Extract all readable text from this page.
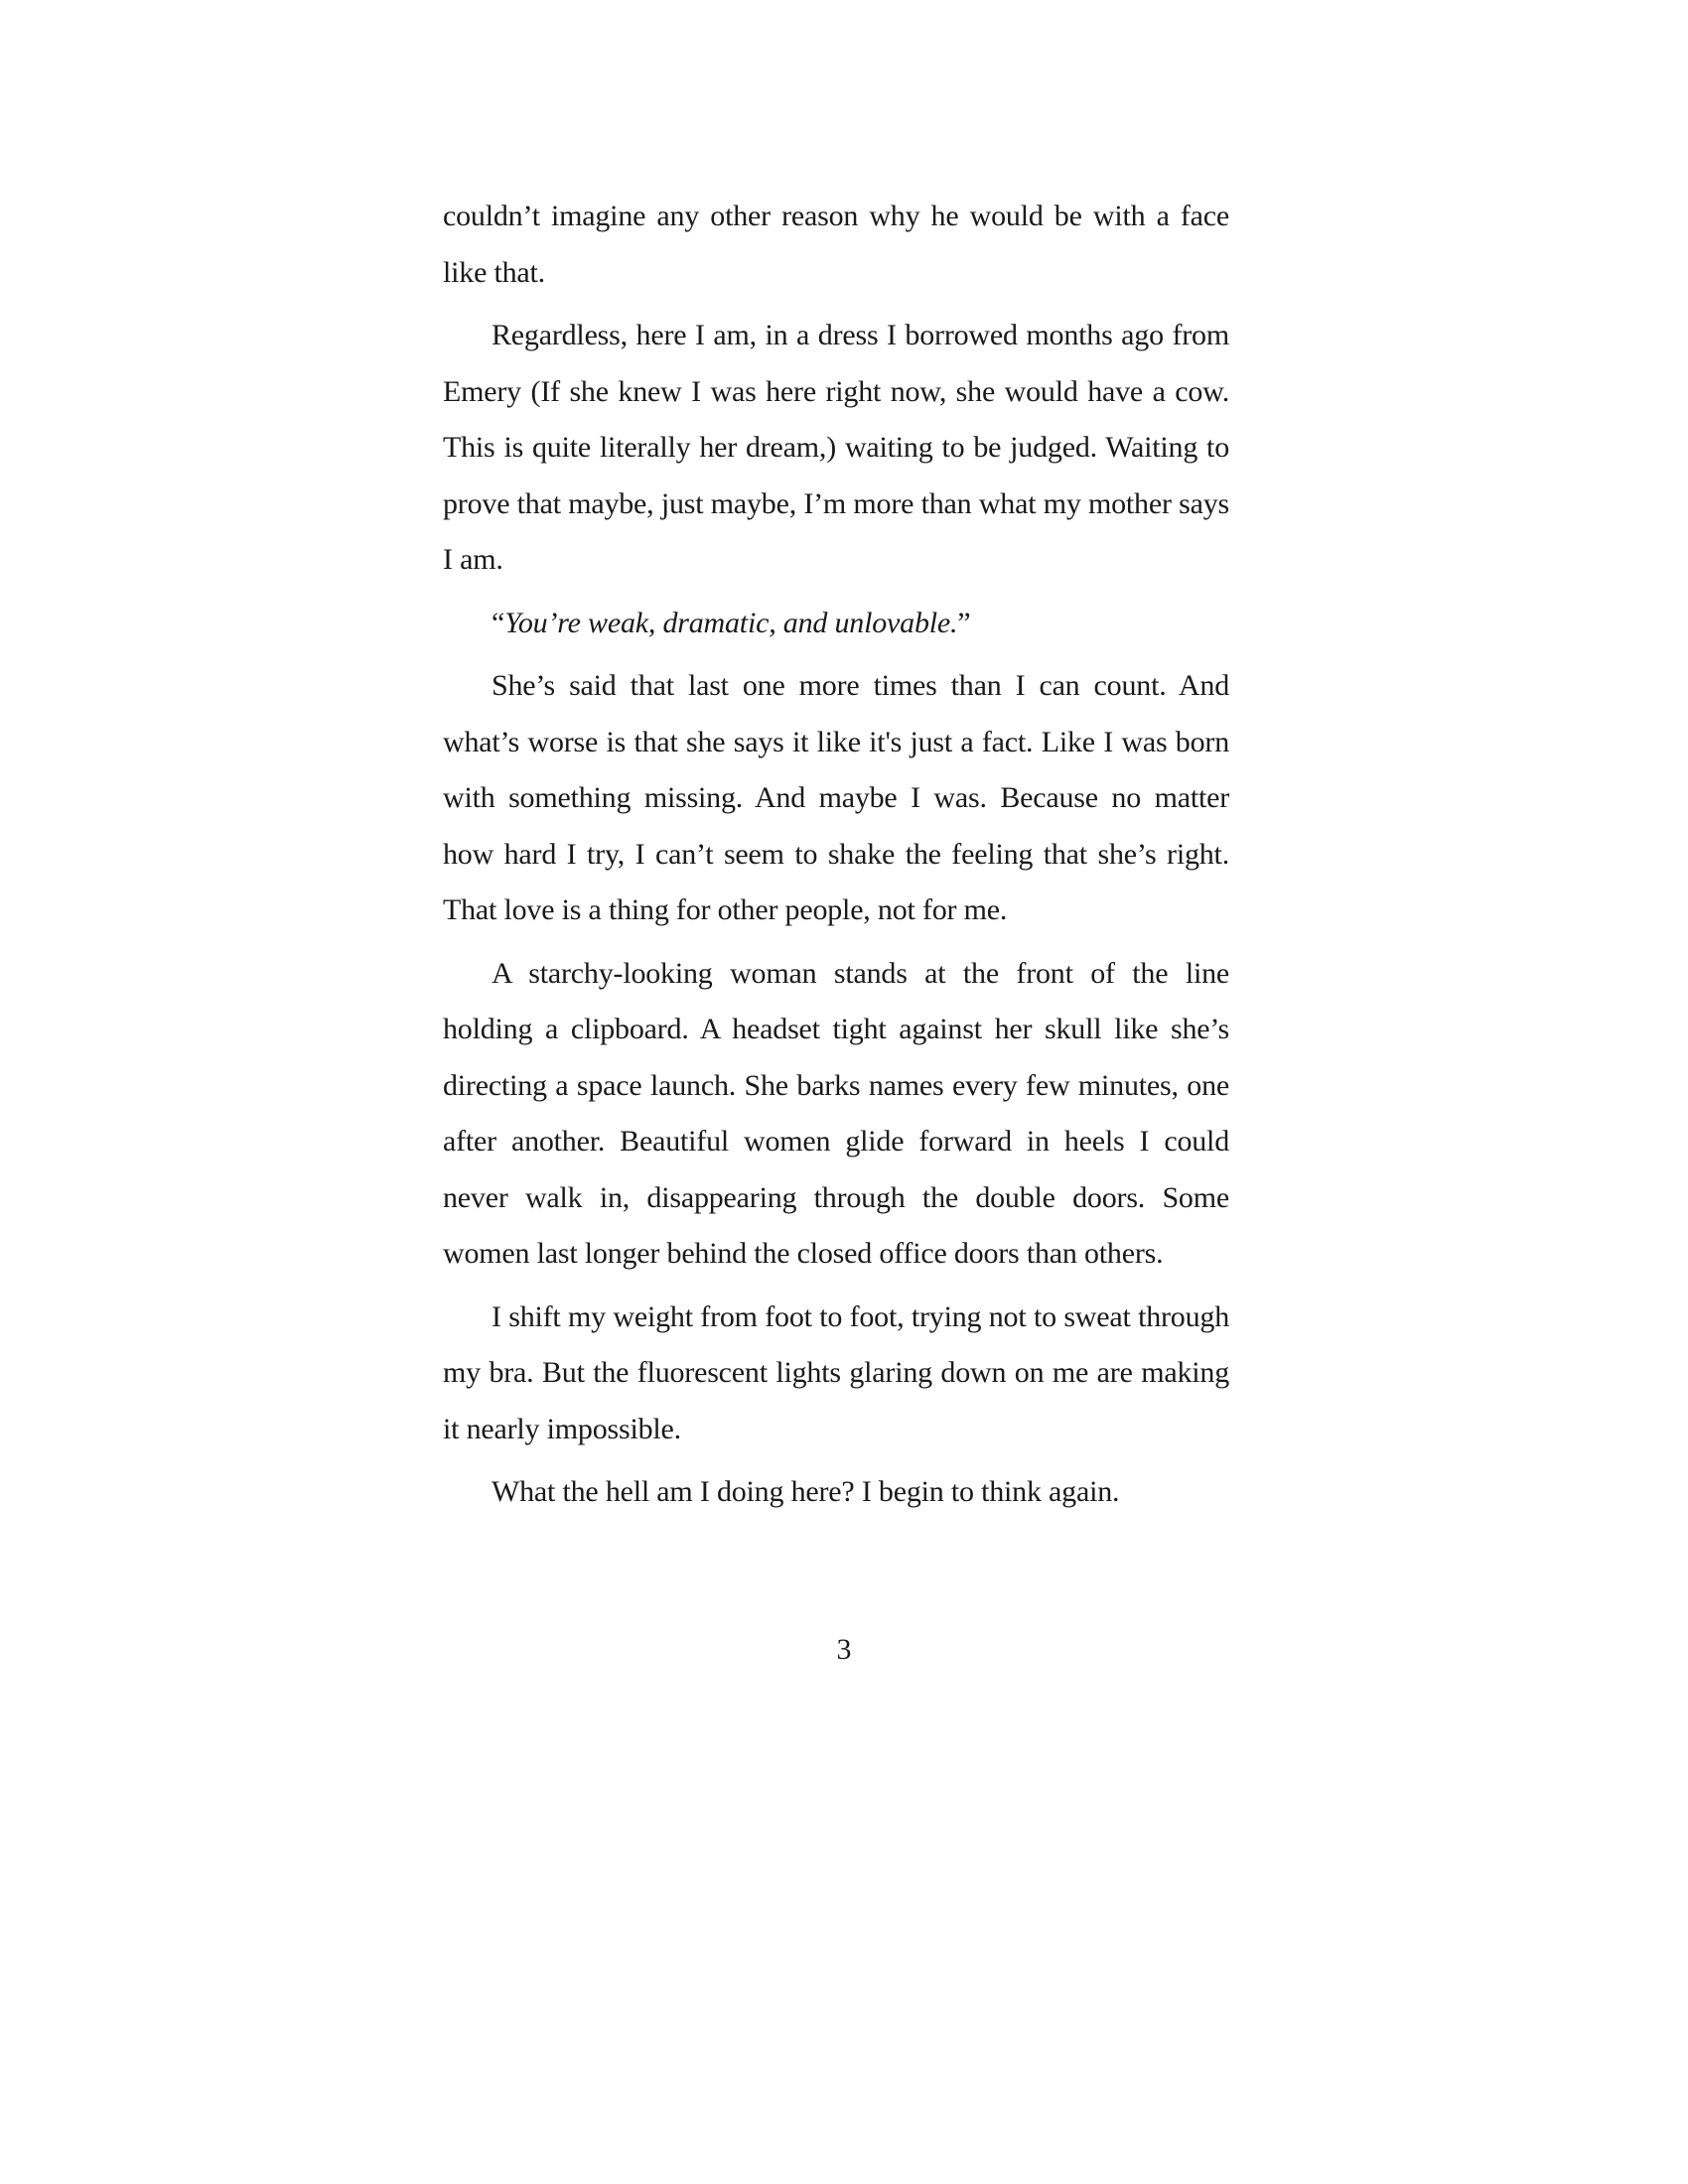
couldn’t imagine any other reason why he would be with a face like that.

Regardless, here I am, in a dress I borrowed months ago from Emery (If she knew I was here right now, she would have a cow. This is quite literally her dream,) waiting to be judged. Waiting to prove that maybe, just maybe, I’m more than what my mother says I am.

“You’re weak, dramatic, and unlovable.”

She’s said that last one more times than I can count. And what’s worse is that she says it like it's just a fact. Like I was born with something missing. And maybe I was. Because no matter how hard I try, I can’t seem to shake the feeling that she’s right. That love is a thing for other people, not for me.

A starchy-looking woman stands at the front of the line holding a clipboard. A headset tight against her skull like she’s directing a space launch. She barks names every few minutes, one after another. Beautiful women glide forward in heels I could never walk in, disappearing through the double doors. Some women last longer behind the closed office doors than others.

I shift my weight from foot to foot, trying not to sweat through my bra. But the fluorescent lights glaring down on me are making it nearly impossible.

What the hell am I doing here? I begin to think again.

3
